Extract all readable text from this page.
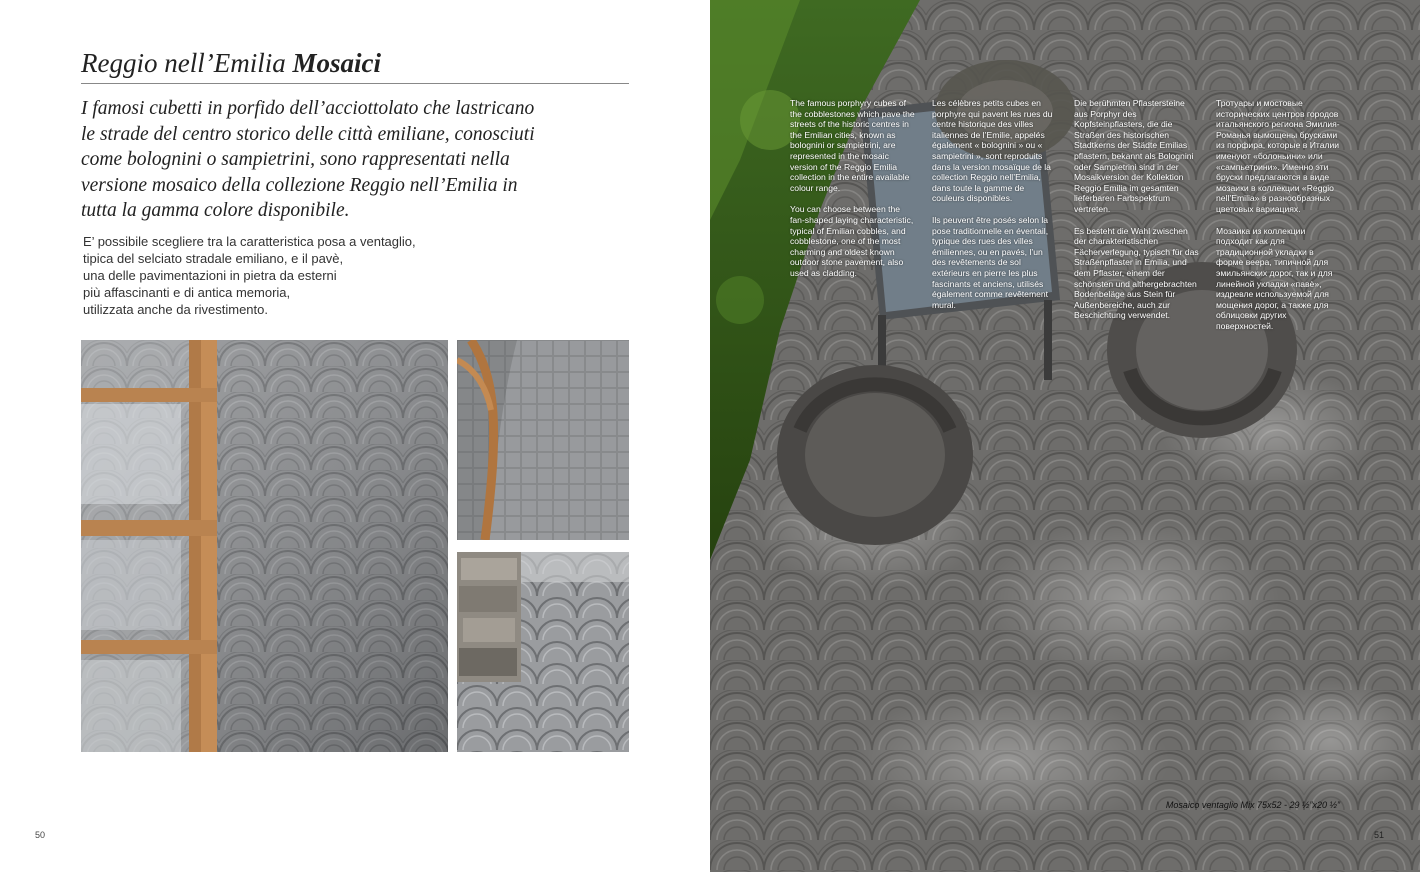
Reggio nell’Emilia Mosaici
I famosi cubetti in porfido dell’acciottolato che lastricano le strade del centro storico delle città emiliane, conosciuti come bolognini o sampietrini, sono rappresentati nella versione mosaico della collezione Reggio nell’Emilia in tutta la gamma colore disponibile.
E’ possibile scegliere tra la caratteristica posa a ventaglio,
tipica del selciato stradale emiliano, e il pavè,
una delle pavimentazioni in pietra da esterni
più affascinanti e di antica memoria,
utilizzata anche da rivestimento.
50

The famous porphyry cubes of the cobblestones which pave the streets of the historic centres in the Emilian cities, known as bolognini or sampietrini, are represented in the mosaic version of the Reggio Emilia collection in the entire available colour range.

You can choose between the fan-shaped laying characteristic, typical of Emilian cobbles, and cobblestone, one of the most charming and oldest known outdoor stone pavement, also used as cladding.

Les célèbres petits cubes en porphyre qui pavent les rues du centre historique des villes italiennes de l’Emilie, appelés également « bolognini » ou « sampietrini », sont reproduits dans la version mosaïque de la collection Reggio nell’Emilia, dans toute la gamme de couleurs disponibles.

Ils peuvent être posés selon la pose traditionnelle en éventail, typique des rues des villes émiliennes, ou en pavés, l’un des revêtements de sol extérieurs en pierre les plus fascinants et anciens, utilisés également comme revêtement mural.

Die berühmten Pflastersteine aus Porphyr des Kopfsteinpflasters, die die Straßen des historischen Stadtkerns der Städte Emilias pflastern, bekannt als Bolognini oder Sampietrini sind in der Mosaikversion der Kollektion Reggio Emilia im gesamten lieferbaren Farbspektrum vertreten.

Es besteht die Wahl zwischen der charakteristischen Fächerverlegung, typisch für das Straßenpflaster in Emilia, und dem Pflaster, einem der schönsten und althergebrachten Bodenbeläge aus Stein für Außenbereiche, auch zur Beschichtung verwendet.

Тротуары и мостовые исторических центров городов итальянского региона Эмилия-Романья вымощены брусками из порфира, которые в Италии именуют «болоньини» или «сампьетрини». Именно эти бруски предлагаются в виде мозаики в коллекции «Reggio nell’Emilia» в разнообразных цветовых вариациях.

Мозаика из коллекции подходит как для традиционной укладки в форме веера, типичной для эмильянских дорог, так и для линейной укладки «павè», издревле используемой для мощения дорог, а также для облицовки других поверхностей.

Mosaico ventaglio Mix 75x52 - 29 ½”x20 ½”
51
